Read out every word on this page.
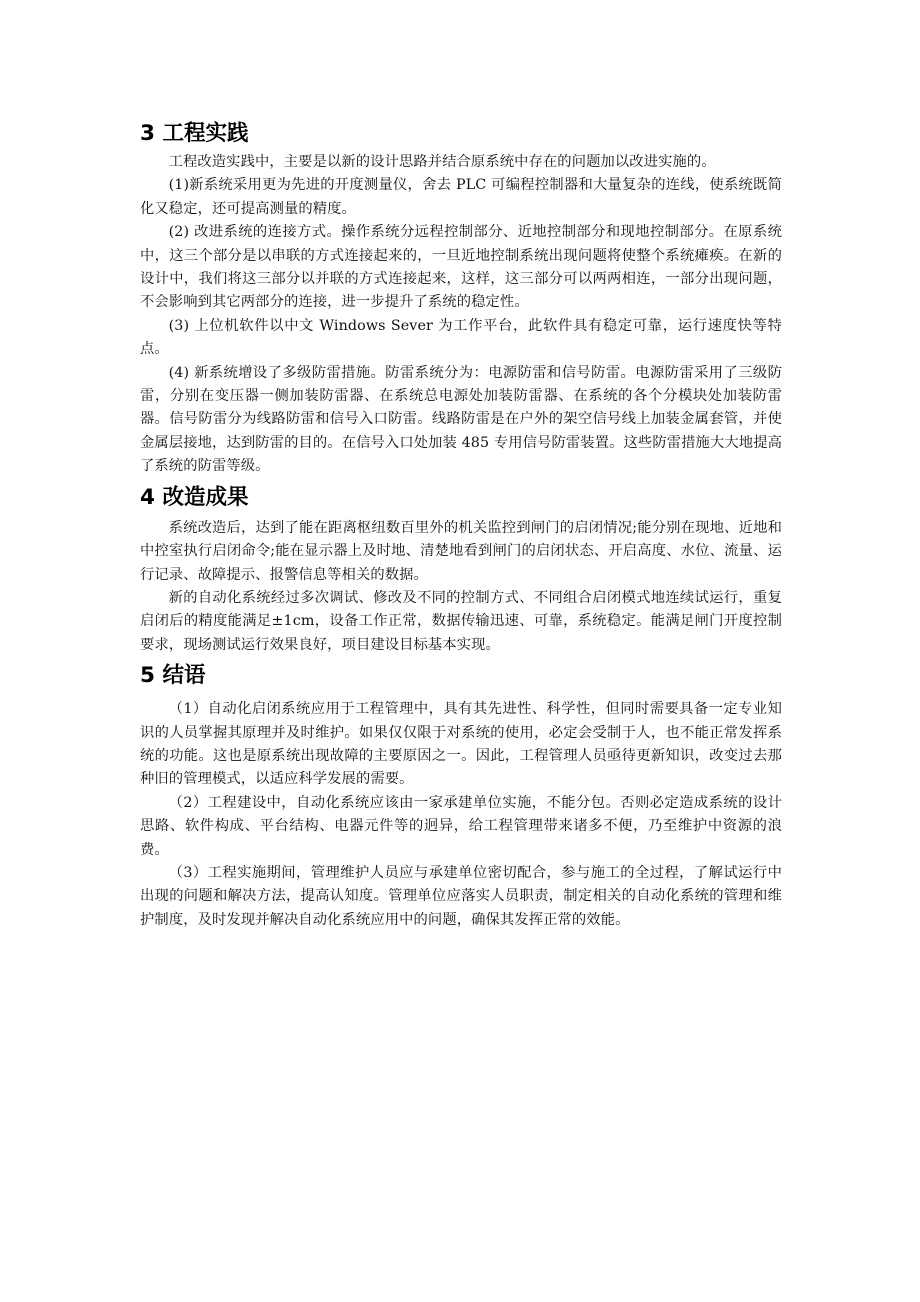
3 工程实践

工程改造实践中，主要是以新的设计思路并结合原系统中存在的问题加以改进实施的。

(1)新系统采用更为先进的开度测量仪，舍去 PLC 可编程控制器和大量复杂的连线，使系统既简化又稳定，还可提高测量的精度。

(2) 改进系统的连接方式。操作系统分远程控制部分、近地控制部分和现地控制部分。在原系统中，这三个部分是以串联的方式连接起来的，一旦近地控制系统出现问题将使整个系统瘫痪。在新的设计中，我们将这三部分以并联的方式连接起来，这样，这三部分可以两两相连，一部分出现问题，不会影响到其它两部分的连接，进一步提升了系统的稳定性。

(3) 上位机软件以中文 Windows Sever 为工作平台，此软件具有稳定可靠，运行速度快等特点。

(4) 新系统增设了多级防雷措施。防雷系统分为：电源防雷和信号防雷。电源防雷采用了三级防雷，分别在变压器一侧加装防雷器、在系统总电源处加装防雷器、在系统的各个分模块处加装防雷器。信号防雷分为线路防雷和信号入口防雷。线路防雷是在户外的架空信号线上加装金属套管，并使金属层接地，达到防雷的目的。在信号入口处加装 485 专用信号防雷装置。这些防雷措施大大地提高了系统的防雷等级。

4 改造成果

系统改造后，达到了能在距离枢纽数百里外的机关监控到闸门的启闭情况;能分别在现地、近地和中控室执行启闭命令;能在显示器上及时地、清楚地看到闸门的启闭状态、开启高度、水位、流量、运行记录、故障提示、报警信息等相关的数据。

新的自动化系统经过多次调试、修改及不同的控制方式、不同组合启闭模式地连续试运行，重复启闭后的精度能满足±1cm，设备工作正常，数据传输迅速、可靠，系统稳定。能满足闸门开度控制要求，现场测试运行效果良好，项目建设目标基本实现。

5 结语

（1）自动化启闭系统应用于工程管理中，具有其先进性、科学性，但同时需要具备一定专业知识的人员掌握其原理并及时维护。如果仅仅限于对系统的使用，必定会受制于人，也不能正常发挥系统的功能。这也是原系统出现故障的主要原因之一。因此，工程管理人员亟待更新知识，改变过去那种旧的管理模式，以适应科学发展的需要。

（2）工程建设中，自动化系统应该由一家承建单位实施，不能分包。否则必定造成系统的设计思路、软件构成、平台结构、电器元件等的迥异，给工程管理带来诸多不便，乃至维护中资源的浪费。

（3）工程实施期间，管理维护人员应与承建单位密切配合，参与施工的全过程，了解试运行中出现的问题和解决方法，提高认知度。管理单位应落实人员职责，制定相关的自动化系统的管理和维护制度，及时发现并解决自动化系统应用中的问题，确保其发挥正常的效能。
